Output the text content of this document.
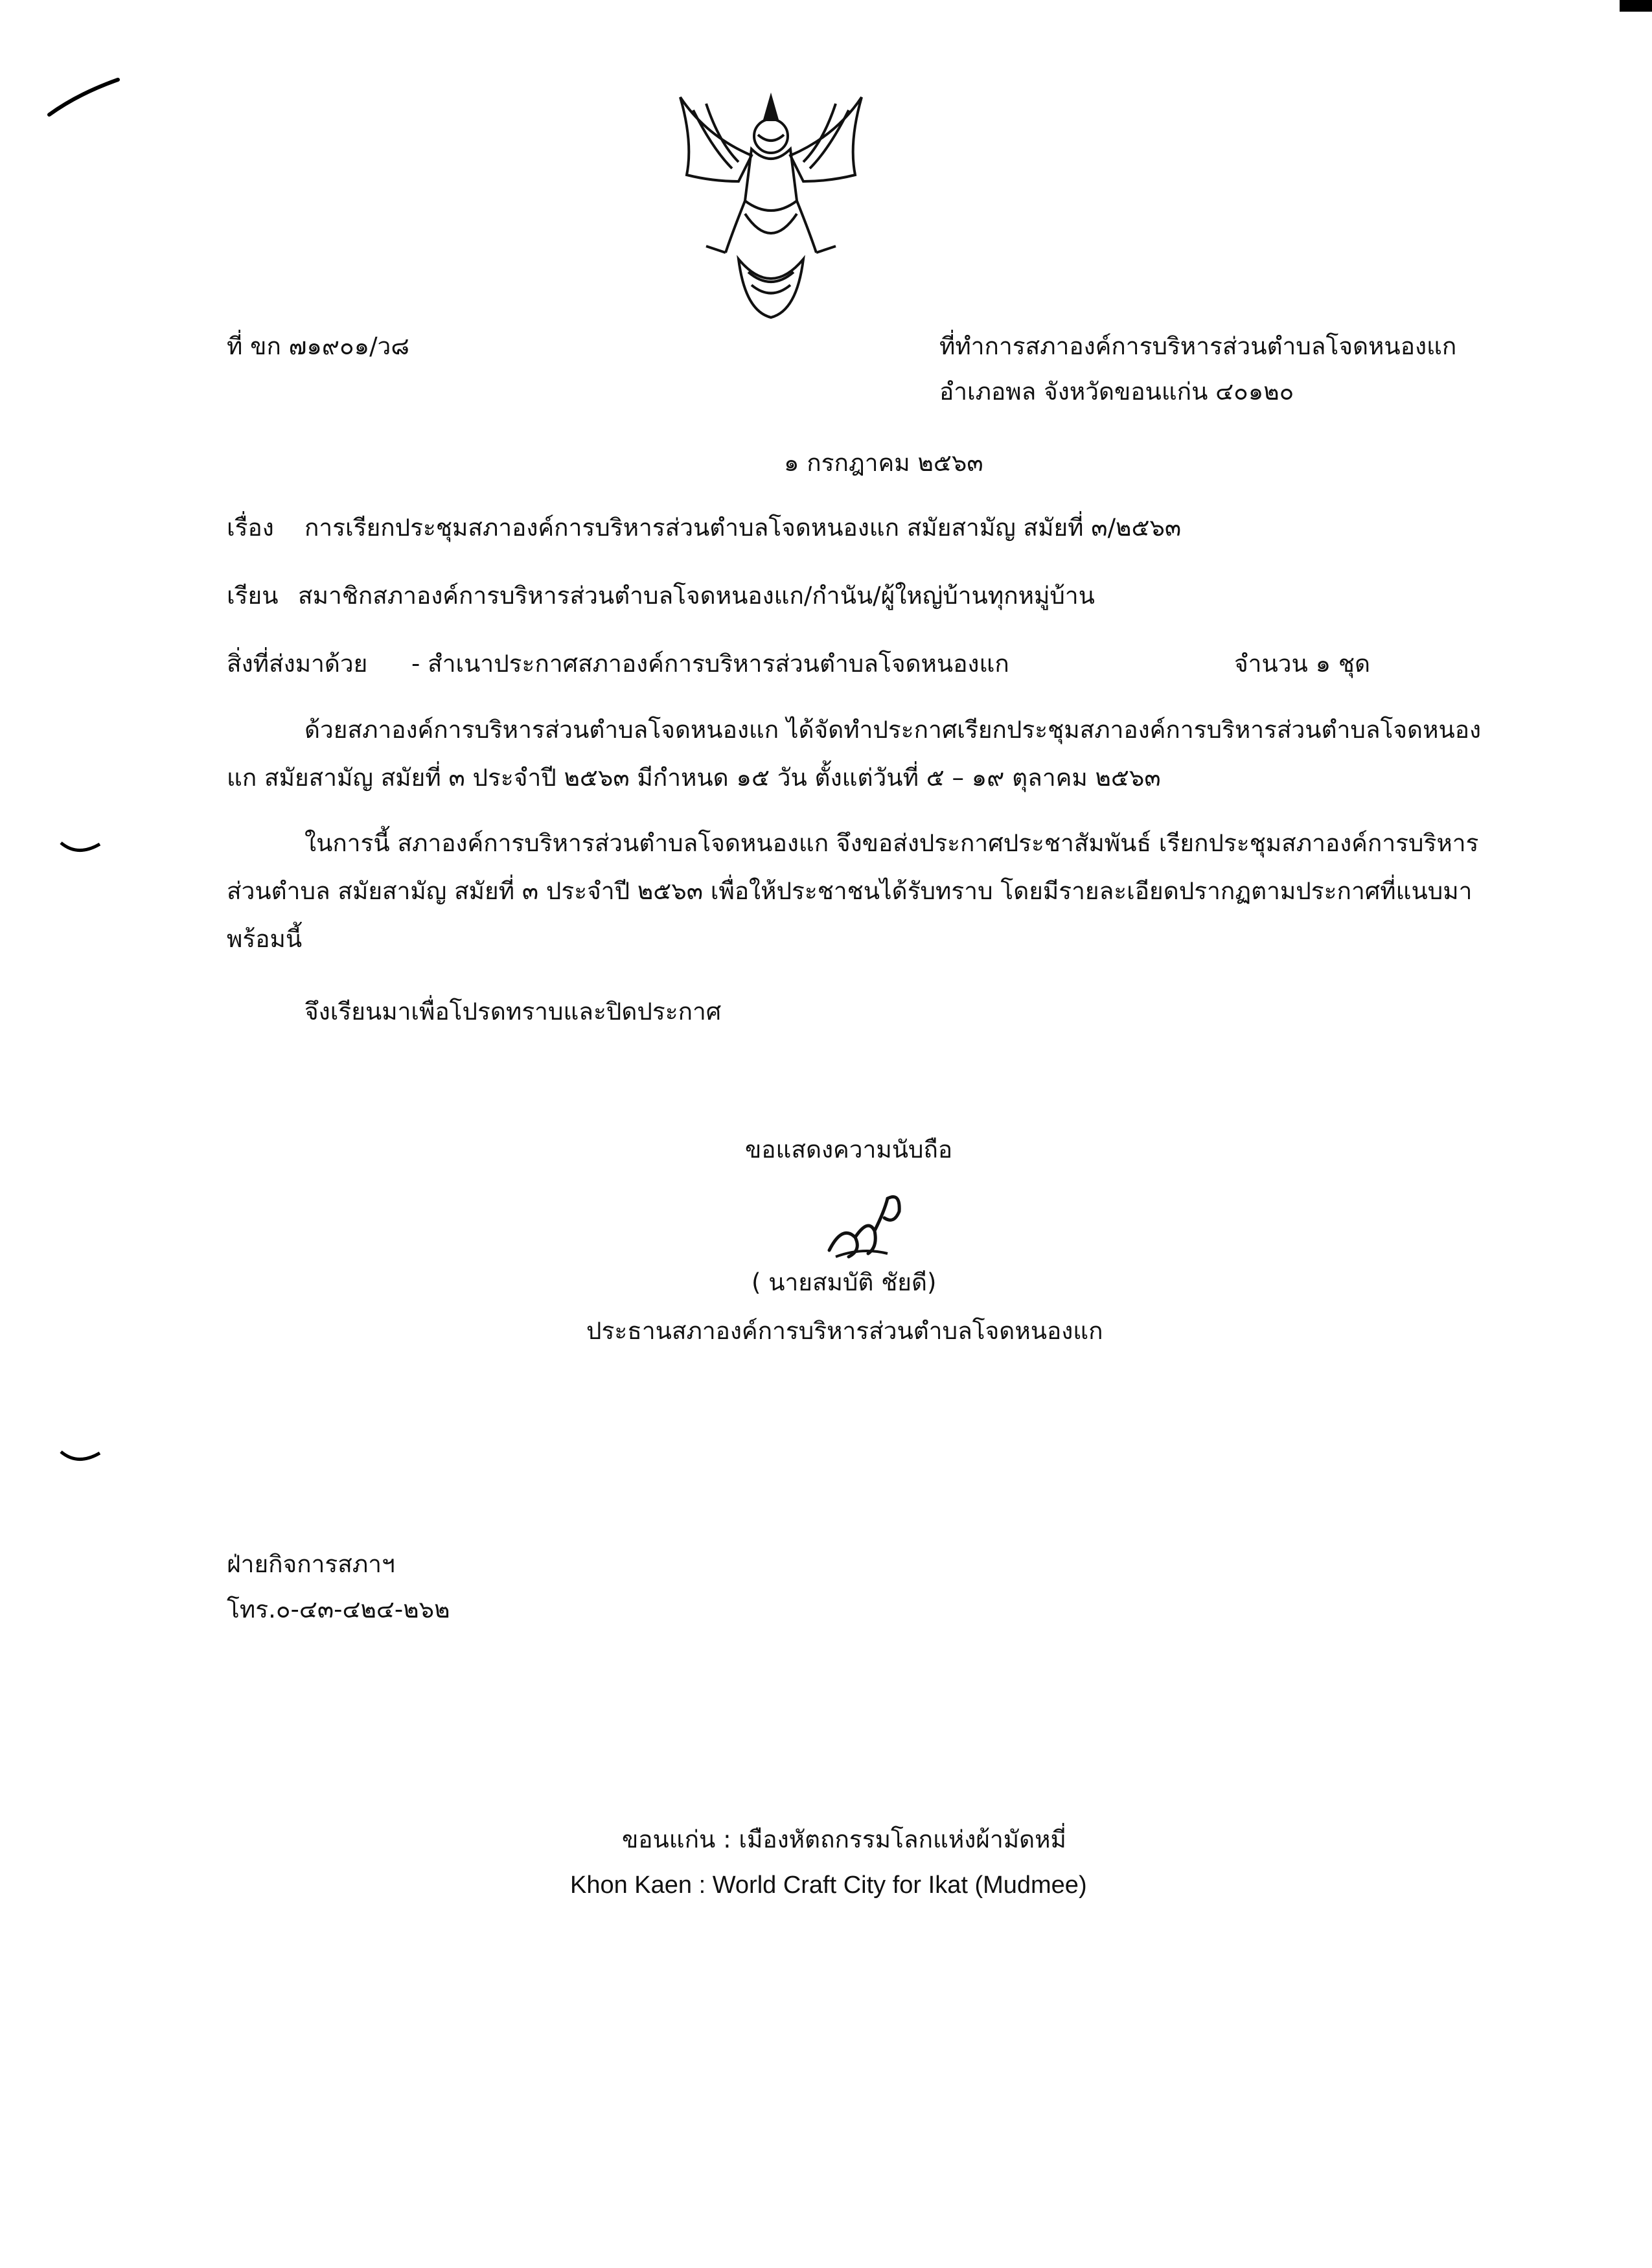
ที่ ขก ๗๑๙๐๑/ว๘	ที่ทำการสภาองค์การบริหารส่วนตำบลโจดหนองแก
อำเภอพล จังหวัดขอนแก่น ๔๐๑๒๐
๑ กรกฎาคม ๒๕๖๓
เรื่อง การเรียกประชุมสภาองค์การบริหารส่วนตำบลโจดหนองแก สมัยสามัญ สมัยที่ ๓/๒๕๖๓
เรียน สมาชิกสภาองค์การบริหารส่วนตำบลโจดหนองแก/กำนัน/ผู้ใหญ่บ้านทุกหมู่บ้าน
สิ่งที่ส่งมาด้วย - สำเนาประกาศสภาองค์การบริหารส่วนตำบลโจดหนองแก	จำนวน ๑ ชุด
ด้วยสภาองค์การบริหารส่วนตำบลโจดหนองแก ได้จัดทำประกาศเรียกประชุมสภาองค์การบริหารส่วนตำบลโจดหนองแก สมัยสามัญ สมัยที่ ๓ ประจำปี ๒๕๖๓ มีกำหนด ๑๕ วัน ตั้งแต่วันที่ ๕ – ๑๙ ตุลาคม ๒๕๖๓
ในการนี้ สภาองค์การบริหารส่วนตำบลโจดหนองแก จึงขอส่งประกาศประชาสัมพันธ์ เรียกประชุมสภาองค์การบริหารส่วนตำบล สมัยสามัญ สมัยที่ ๓ ประจำปี ๒๕๖๓ เพื่อให้ประชาชนได้รับทราบ โดยมีรายละเอียดปรากฏตามประกาศที่แนบมาพร้อมนี้
จึงเรียนมาเพื่อโปรดทราบและปิดประกาศ
ขอแสดงความนับถือ
( นายสมบัติ ชัยดี)
ประธานสภาองค์การบริหารส่วนตำบลโจดหนองแก
ฝ่ายกิจการสภาฯ
โทร.๐-๔๓-๔๒๔-๒๖๒
ขอนแก่น : เมืองหัตถกรรมโลกแห่งผ้ามัดหมี่
Khon Kaen : World Craft City for Ikat (Mudmee)
